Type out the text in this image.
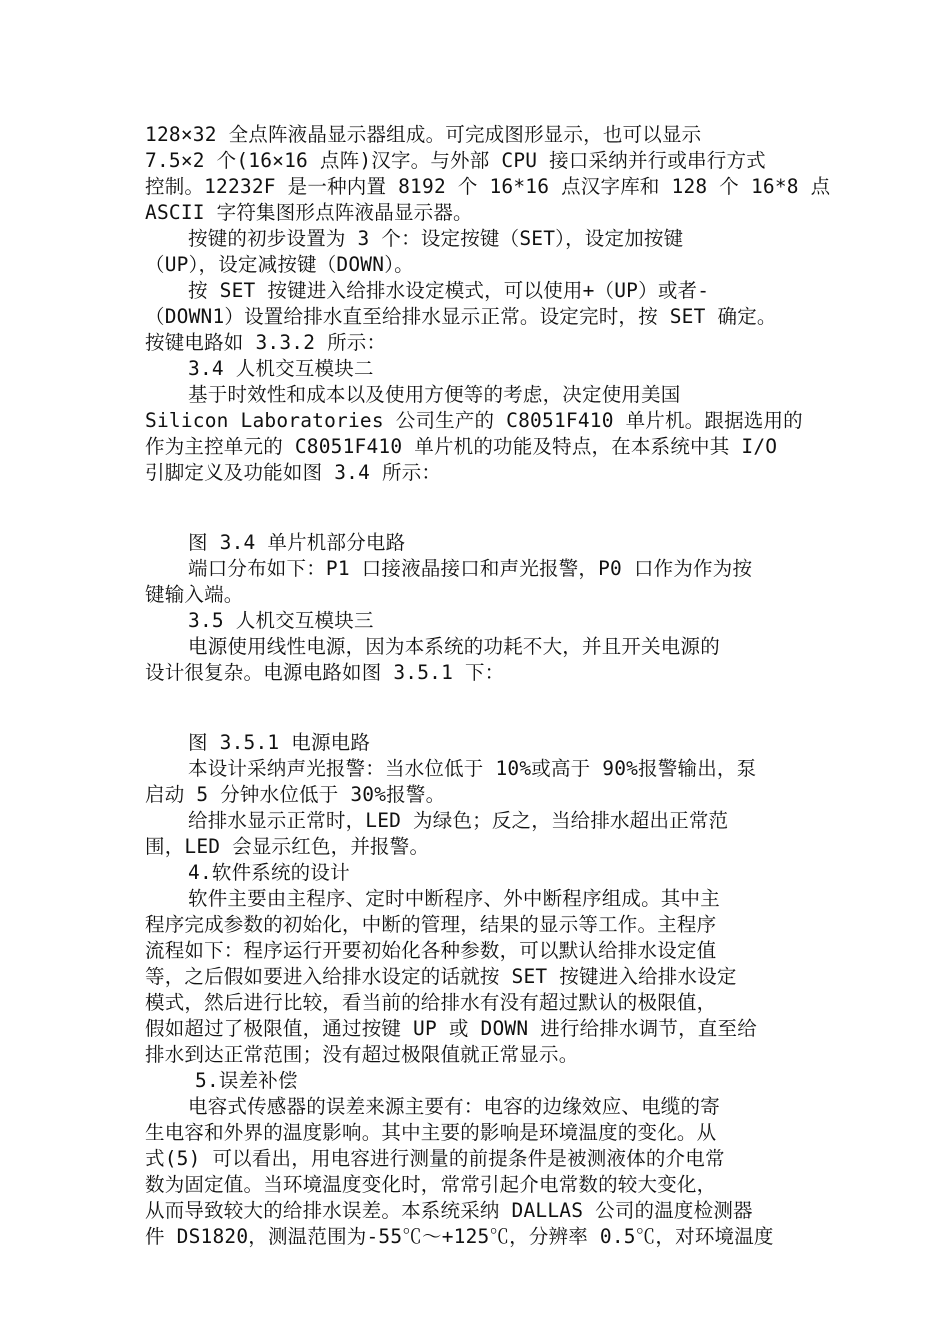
128×32 全点阵液晶显示器组成。可完成图形显示，也可以显示
7.5×2 个(16×16 点阵)汉字。与外部 CPU 接口采纳并行或串行方式
控制。12232F 是一种内置 8192 个 16*16 点汉字库和 128 个 16*8 点
ASCII 字符集图形点阵液晶显示器。
按键的初步设置为 3 个：设定按键（SET），设定加按键
（UP），设定减按键（DOWN）。
按 SET 按键进入给排水设定模式，可以使用+（UP）或者-
（DOWN1）设置给排水直至给排水显示正常。设定完时，按 SET 确定。
按键电路如 3.3.2 所示：
3.4 人机交互模块二
基于时效性和成本以及使用方便等的考虑，决定使用美国
Silicon Laboratories 公司生产的 C8051F410 单片机。跟据选用的
作为主控单元的 C8051F410 单片机的功能及特点，在本系统中其 I/O
引脚定义及功能如图 3.4 所示：
图 3.4 单片机部分电路
端口分布如下：P1 口接液晶接口和声光报警，P0 口作为作为按
键输入端。
3.5 人机交互模块三
电源使用线性电源，因为本系统的功耗不大，并且开关电源的
设计很复杂。电源电路如图 3.5.1 下：
图 3.5.1 电源电路
本设计采纳声光报警：当水位低于 10%或高于 90%报警输出，泵
启动 5 分钟水位低于 30%报警。
给排水显示正常时，LED 为绿色；反之，当给排水超出正常范
围，LED 会显示红色，并报警。
4.软件系统的设计
软件主要由主程序、定时中断程序、外中断程序组成。其中主
程序完成参数的初始化，中断的管理，结果的显示等工作。主程序
流程如下：程序运行开要初始化各种参数，可以默认给排水设定值
等，之后假如要进入给排水设定的话就按 SET 按键进入给排水设定
模式，然后进行比较，看当前的给排水有没有超过默认的极限值，
假如超过了极限值，通过按键 UP 或 DOWN 进行给排水调节，直至给
排水到达正常范围；没有超过极限值就正常显示。
5.误差补偿
电容式传感器的误差来源主要有：电容的边缘效应、电缆的寄
生电容和外界的温度影响。其中主要的影响是环境温度的变化。从
式(5) 可以看出，用电容进行测量的前提条件是被测液体的介电常
数为固定值。当环境温度变化时，常常引起介电常数的较大变化，
从而导致较大的给排水误差。本系统采纳 DALLAS 公司的温度检测器
件 DS1820，测温范围为-55℃～+125℃，分辨率 0.5℃，对环境温度
